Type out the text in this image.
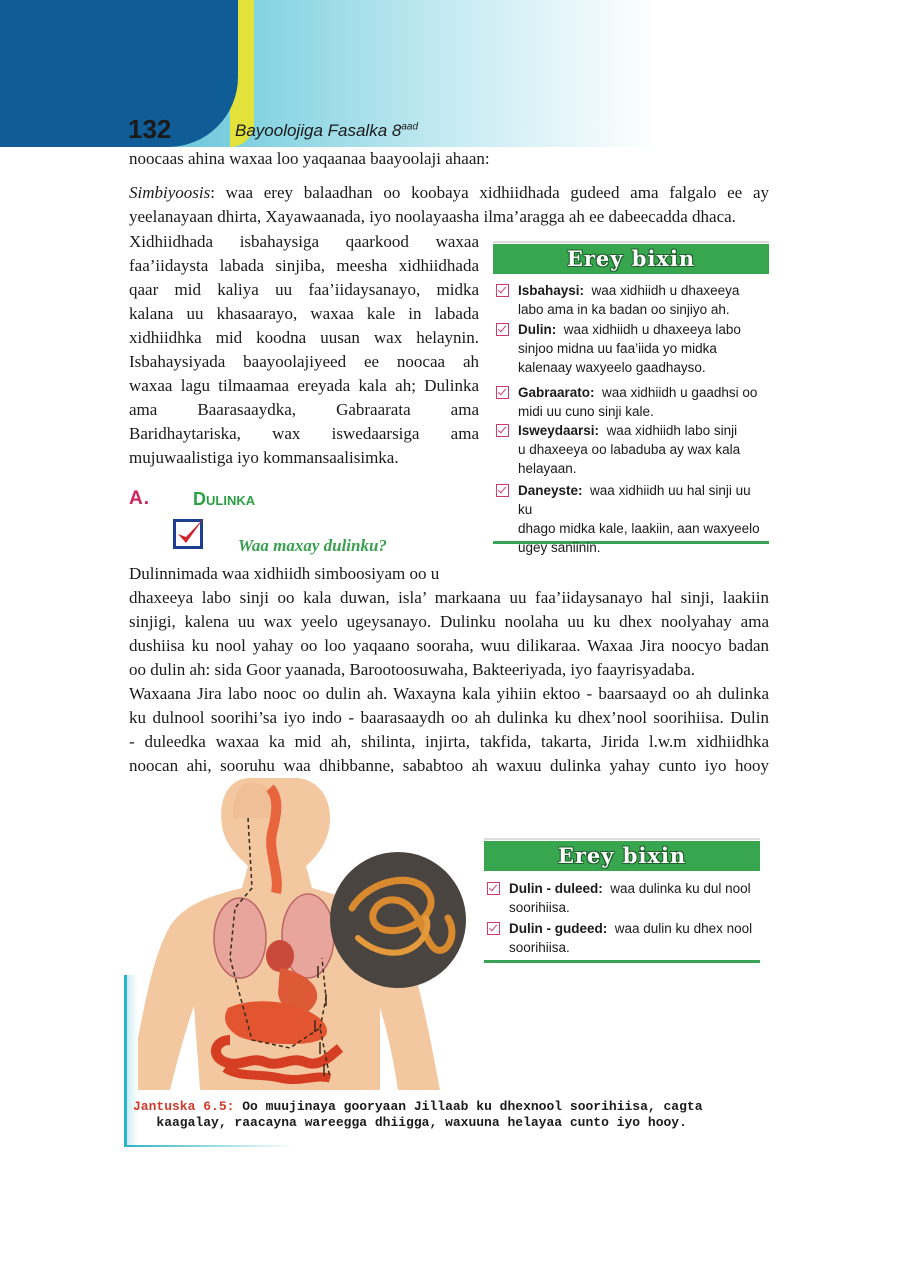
132	Bayoolojiga Fasalka $8^{aad}$
noocaas ahina waxaa loo yaqaanaa baayoolaji ahaan:
Simbiyoosis: waa erey balaadhan oo koobaya xidhiidhada gudeed ama falgalo ee ay
yeelanayaan dhirta, Xayawaanada, iyo noolayaasha ilma’aragga ah ee dabeecadda dhaca.
Xidhiidhada isbahaysiga qaarkood waxaa
faa’iidaysta labada sinjiba, meesha xidhiidhada
qaar mid kaliya uu faa’iidaysanayo, midka
kalana uu khasaarayo, waxaa kale in labada
xidhiidhka mid koodna uusan wax helaynin.
Isbahaysiyada baayoolajiyeed ee noocaa ah
waxaa lagu tilmaamaa ereyada kala ah; Dulinka
ama Baarasaaydka, Gabraarata ama
Baridhaytariska, wax iswedaarsiga ama
mujuwaalistiga iyo kommansaalisimka.
Erey bixin
Isbahaysi: waa xidhiidh u dhaxeeya
labo ama in ka badan oo sinjiyo ah.
Dulin: waa xidhiidh u dhaxeeya labo
sinjoo midna uu faa’iida yo midka
kalenaay waxyeelo gaadhayso.
Gabraarato: waa xidhiidh u gaadhsi oo
midi uu cuno sinji kale.
Isweydaarsi: waa xidhiidh labo sinji
u dhaxeeya oo labaduba ay wax kala
helayaan.
Daneyste: waa xidhiidh uu hal sinji uu ku
dhago midka kale, laakiin, aan waxyeelo
ugey saniinin.
A. Dulinka
Waa maxay dulinku?
Dulinnimada waa xidhiidh simboosiyam oo u
dhaxeeya labo sinji oo kala duwan, isla’ markaana uu faa’iidaysanayo hal sinji, laakiin
sinjigi, kalena uu wax yeelo ugeysanayo. Dulinku noolaha uu ku dhex noolyahay ama
dushiisa ku nool yahay oo loo yaqaano sooraha, wuu dilikaraa. Waxaa Jira noocyo badan
oo dulin ah: sida Goor yaanada, Barootoosuwaha, Bakteeriyada, iyo faayrisyadaba.
Waxaana Jira labo nooc oo dulin ah. Waxayna kala yihiin ektoo - baarsaayd oo ah dulinka
ku dulnool soorihi’sa iyo indo - baarasaaydh oo ah dulinka ku dhex’nool soorihiisa. Dulin
- duleedka waxaa ka mid ah, shilinta, injirta, takfida, takarta, Jirida l.w.m xidhiidhka
noocan ahi, sooruhu waa dhibbanne, sababtoo ah waxuu dulinka yahay cunto iyo hooy
Erey bixin
Dulin - duleed: waa dulinka ku dul nool
soorihiisa.
Dulin - gudeed: waa dulin ku dhex nool
soorihiisa.
Jantuska 6.5: Oo muujinaya gooryaan Jillaab ku dhexnool soorihiisa, cagta
kaagalay, raacayna wareegga dhiigga, waxuuna helayaa cunto iyo hooy.
